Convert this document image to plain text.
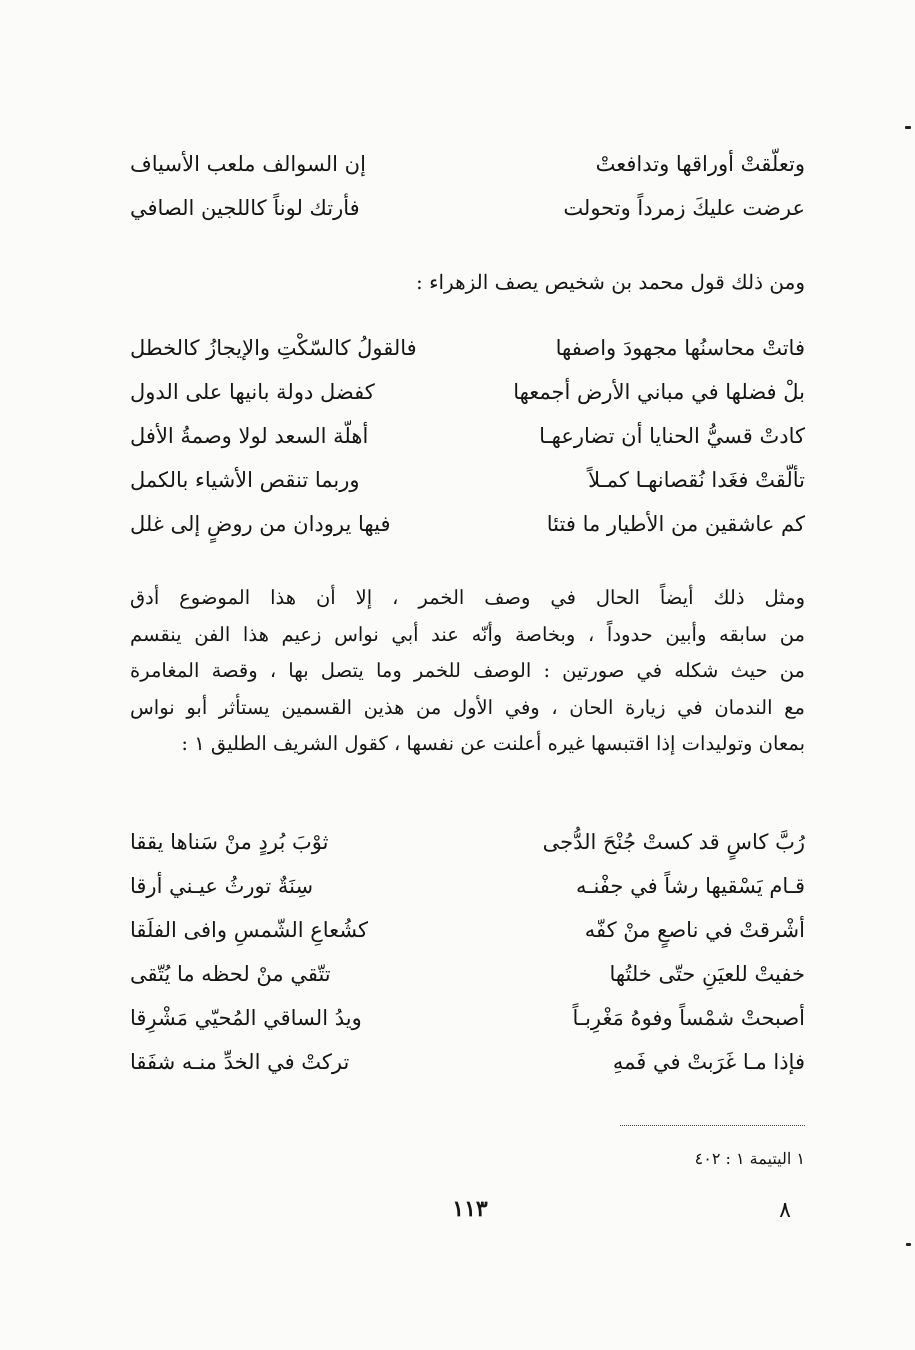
وتعلّقتْ أوراقها وتدافعتْ
إن السوالف ملعب الأسياف
عرضت عليكَ زمرداً وتحولت
فأرتك لوناً كاللجين الصافي
ومن ذلك قول محمد بن شخيص يصف الزهراء :
فاتتْ محاسنُها مجهودَ واصفها
فالقولُ كالسّكْتِ والإيجازُ كالخطل
بلْ فضلها في مباني الأرض أجمعها
كفضل دولة بانيها على الدول
كادتْ قسيُّ الحنايا أن تضارعهـا
أهلّة السعد لولا وصمةُ الأفل
تألّقتْ فغَدا نُقصانهـا كمـلاً
وربما تنقص الأشياء بالكمل
كم عاشقين من الأطيار ما فتئا
فيها يرودان من روضٍ إلى غلل
ومثل ذلك أيضاً الحال في وصف الخمر ، إلا أن هذا الموضوع أدق
من سابقه وأبين حدوداً ، وبخاصة وأنّه عند أبي نواس زعيم هذا الفن ينقسم
من حيث شكله في صورتين : الوصف للخمر وما يتصل بها ، وقصة المغامرة
مع الندمان في زيارة الحان ، وفي الأول من هذين القسمين يستأثر أبو نواس
بمعان وتوليدات إذا اقتبسها غيره أعلنت عن نفسها ، كقول الشريف الطليق ١ :
رُبَّ كاسٍ قد كستْ جُنْحَ الدُّجى
ثوْبَ بُردٍ منْ سَناها يققا
قـام يَسْقيها رشاً في جفْنـه
سِنَةٌ تورثُ عيـني أرقا
أشْرقتْ في ناصعٍ منْ كفّه
كشُعاعِ الشّمسِ وافى الفلَقا
خفيتْ للعيَنِ حتّى خلتُها
تتّقي منْ لحظه ما يُتّقى
أصبحتْ شمْساً وفوهُ مَغْرِبـاً
ويدُ الساقي المُحيّي مَشْرِقا
فإذا مـا غَرَبتْ في فَمهِ
تركتْ في الخدِّ منـه شفَقا
١ اليتيمة ١ : ٤٠٢
١١٣	٨
